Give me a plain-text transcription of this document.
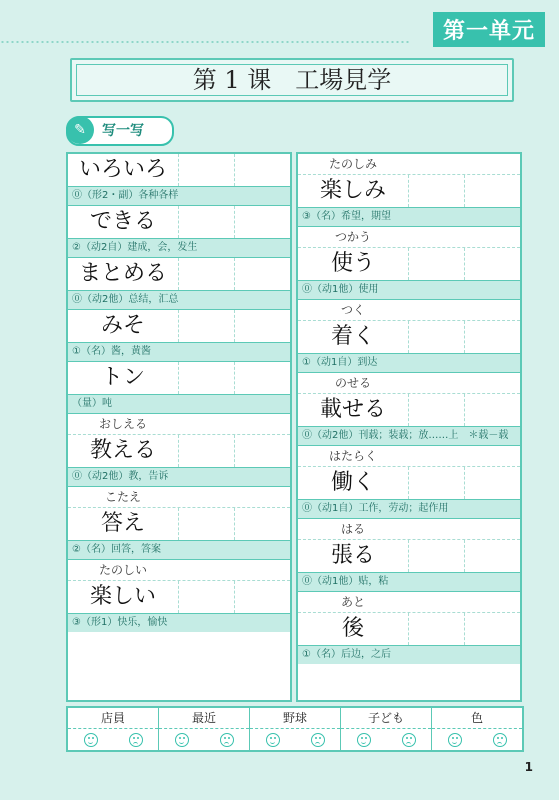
第一单元
第 1 课　工場見学
✎	写一写
いろいろ
⓪（形2・副）各种各样
できる
②（动2自）建成，会，发生
まとめる
⓪（动2他）总结，汇总
みそ
①（名）酱，黄酱
トン
（量）吨
おしえる
教える
⓪（动2他）教，告诉
こたえ
答え
②（名）回答，答案
たのしい
楽しい
③（形1）快乐，愉快
たのしみ
楽しみ
③（名）希望，期望
つかう
使う
⓪（动1他）使用
つく
着く
①（动1自）到达
のせる
載せる
⓪（动2他）刊载；装载；放……上　＊载－载
はたらく
働く
⓪（动1自）工作，劳动；起作用
はる
張る
⓪（动1他）贴，粘
あと
後
①（名）后边，之后
店員	最近	野球	子ども	色
1
